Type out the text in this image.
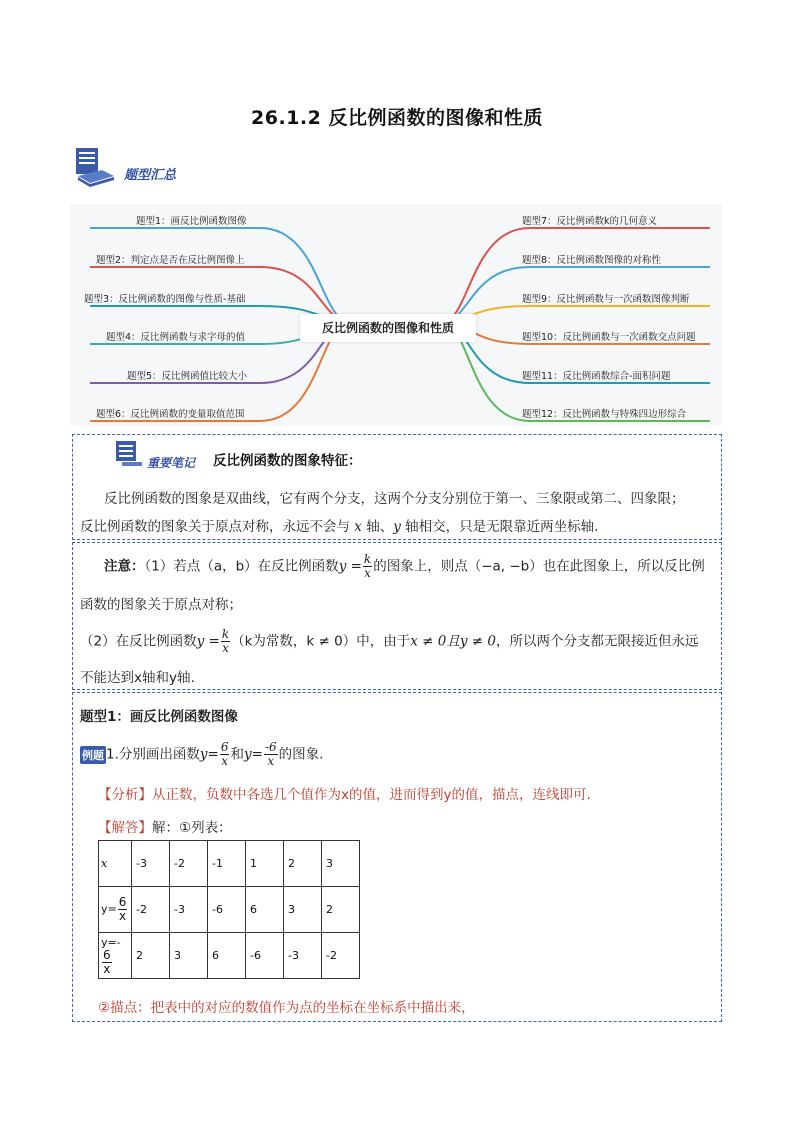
26.1.2 反比例函数的图像和性质
题型汇总
反比例函数的图像和性质
题型1：画反比例函数图像
题型2：判定点是否在反比例图像上
题型3：反比例函数的图像与性质-基础
题型4：反比例函数与求字母的值
题型5：反比例函值比较大小
题型6：反比例函数的变量取值范围
题型7：反比例函数k的几何意义
题型8：反比例函数图像的对称性
题型9：反比例函数与一次函数图像判断
题型10：反比例函数与一次函数交点问题
题型11：反比例函数综合-面积问题
题型12：反比例函数与特殊四边形综合
重要笔记 反比例函数的图象特征：
反比例函数的图象是双曲线，它有两个分支，这两个分支分别位于第一、三象限或第二、四象限；
反比例函数的图象关于原点对称，永远不会与 x 轴、y 轴相交，只是无限靠近两坐标轴.
注意：（1）若点（a，b）在反比例函数$y = \frac{k}{x}$ 的图象上，则点（−a, −b）也在此图象上，所以反比例
函数的图象关于原点对称；
（2）在反比例函数$y = \frac{k}{x} (k$为常数，k ≠ 0）中，由于x ≠ 0且y ≠ 0，所以两个分支都无限接近但永远
不能达到x轴和y轴.
题型1：画反比例函数图像
例题 1.分别画出函数$y= \frac{6}{x}$ 和$y= \frac{-6}{x}$ 的图象.
【分析】从正数，负数中各选几个值作为x的值，进而得到y的值，描点，连线即可.
【解答】解：①列表：
x	-3	-2	-1	1	2	3
$y= \frac{6}{x}$	-2	-3	-6	6	3	2
y=-
$\frac{6}{x}$	2	3	6	-6	-3	-2
②描点：把表中的对应的数值作为点的坐标在坐标系中描出来，
